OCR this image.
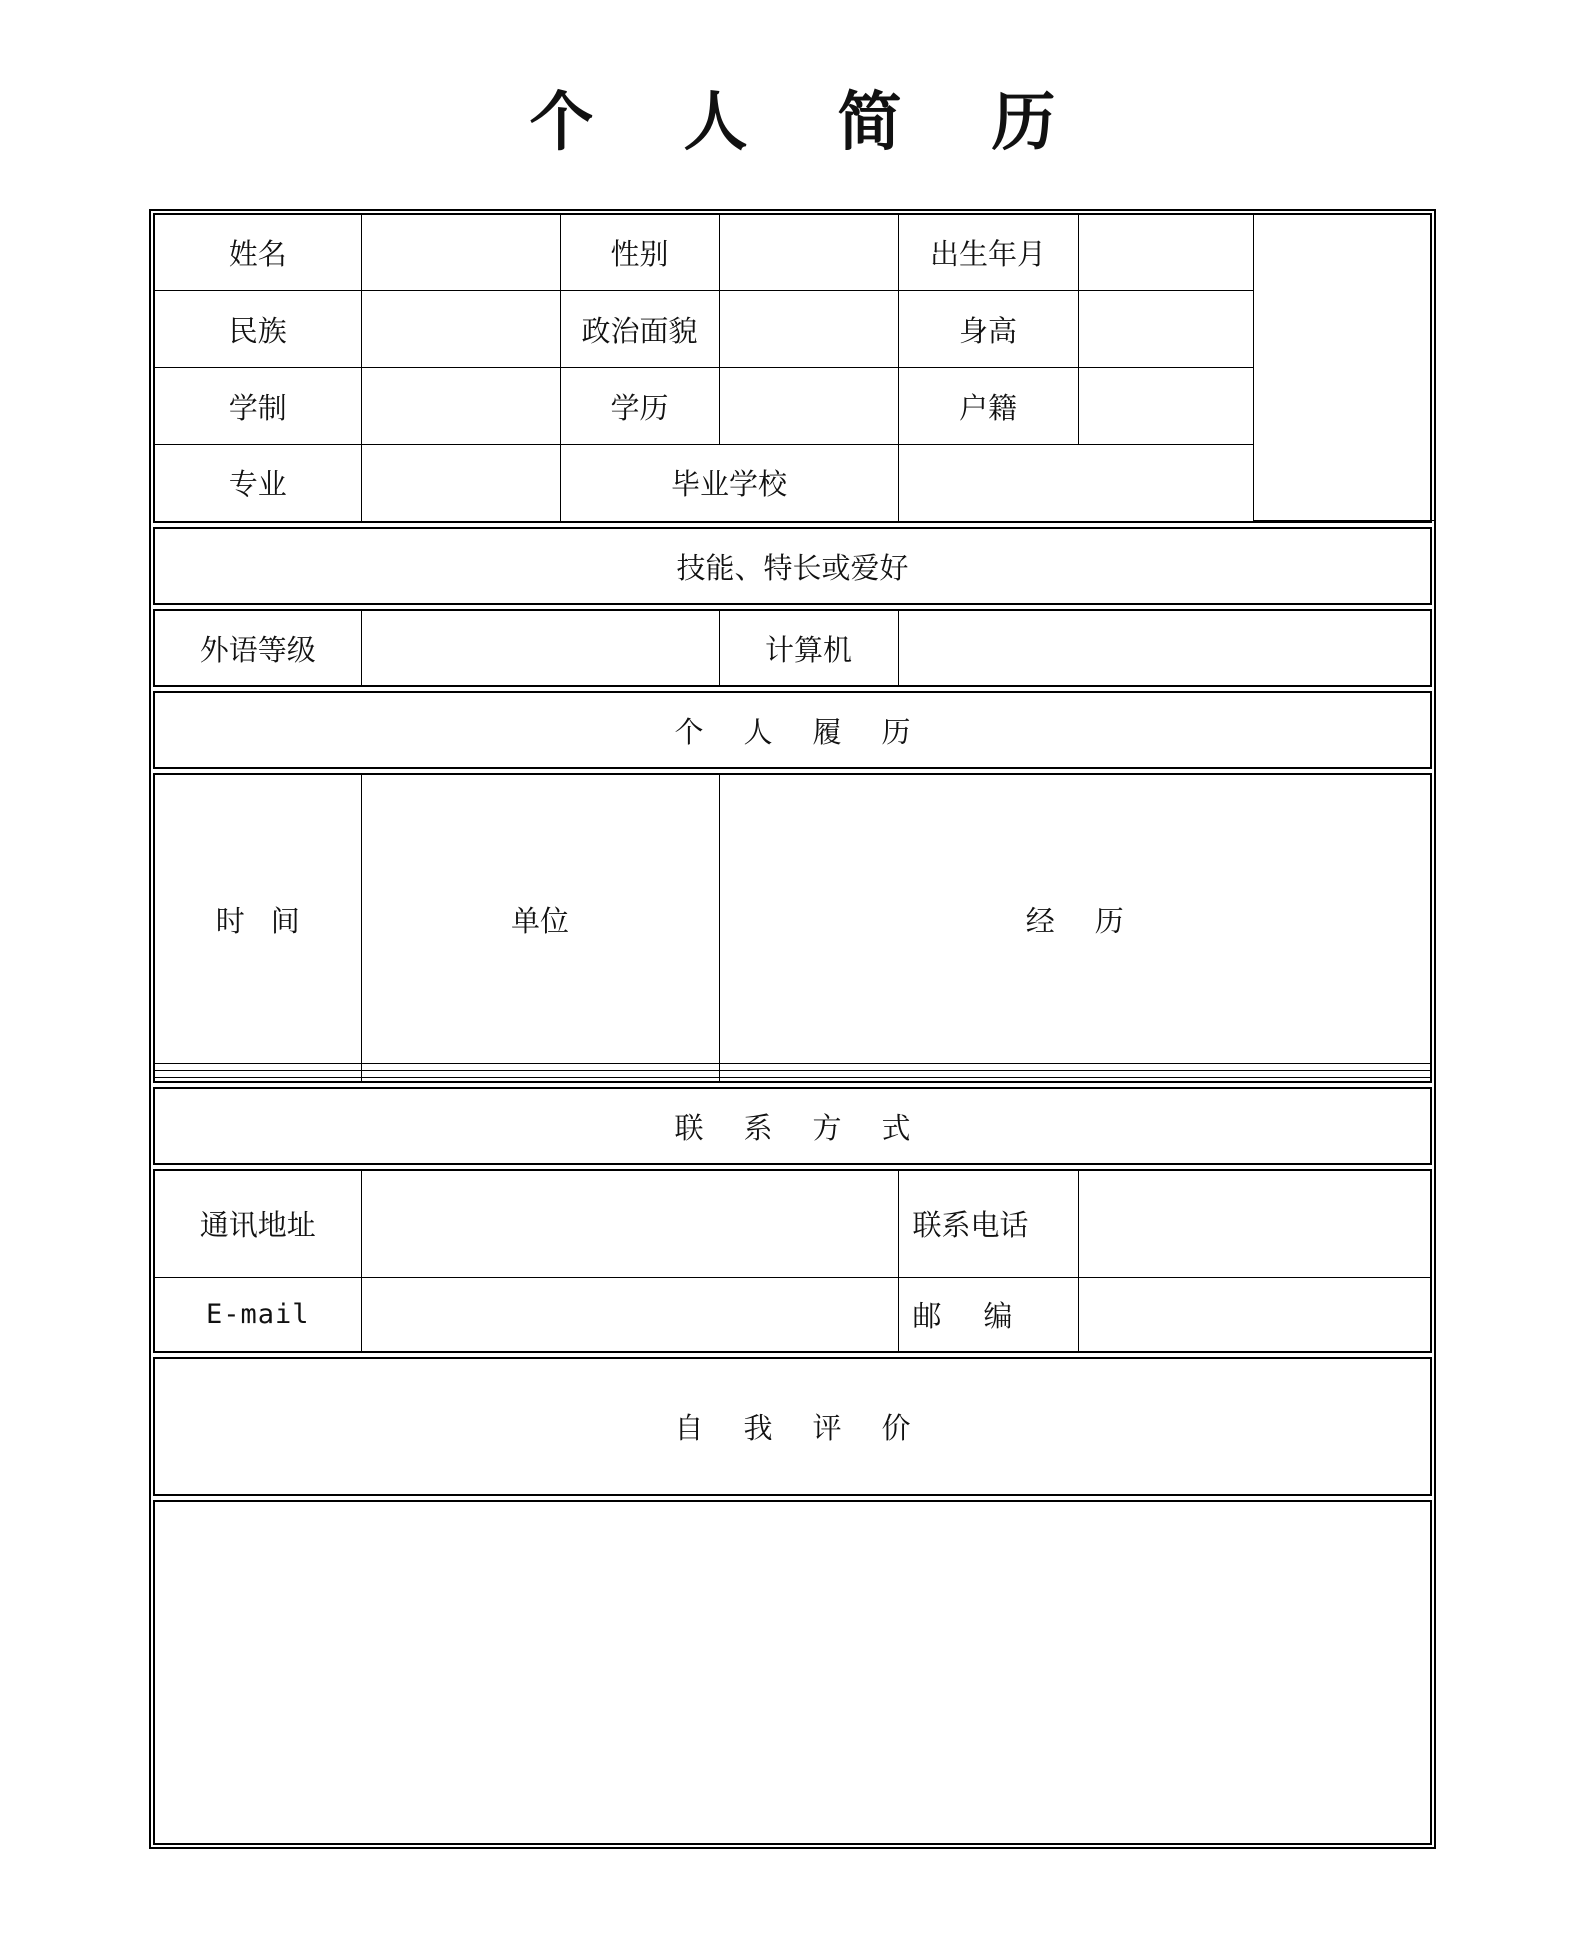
个 人 简 历
姓名		性别		出生年月		
民族		政治面貌		身高		
学制		学历		户籍		
专业		毕业学校				
技能、特长或爱好
外语等级		计算机	
个 人 履 历
时 间	单位	经 历

联 系 方 式
通讯地址		联系电话	
E-mail		邮 编	
自 我 评 价
